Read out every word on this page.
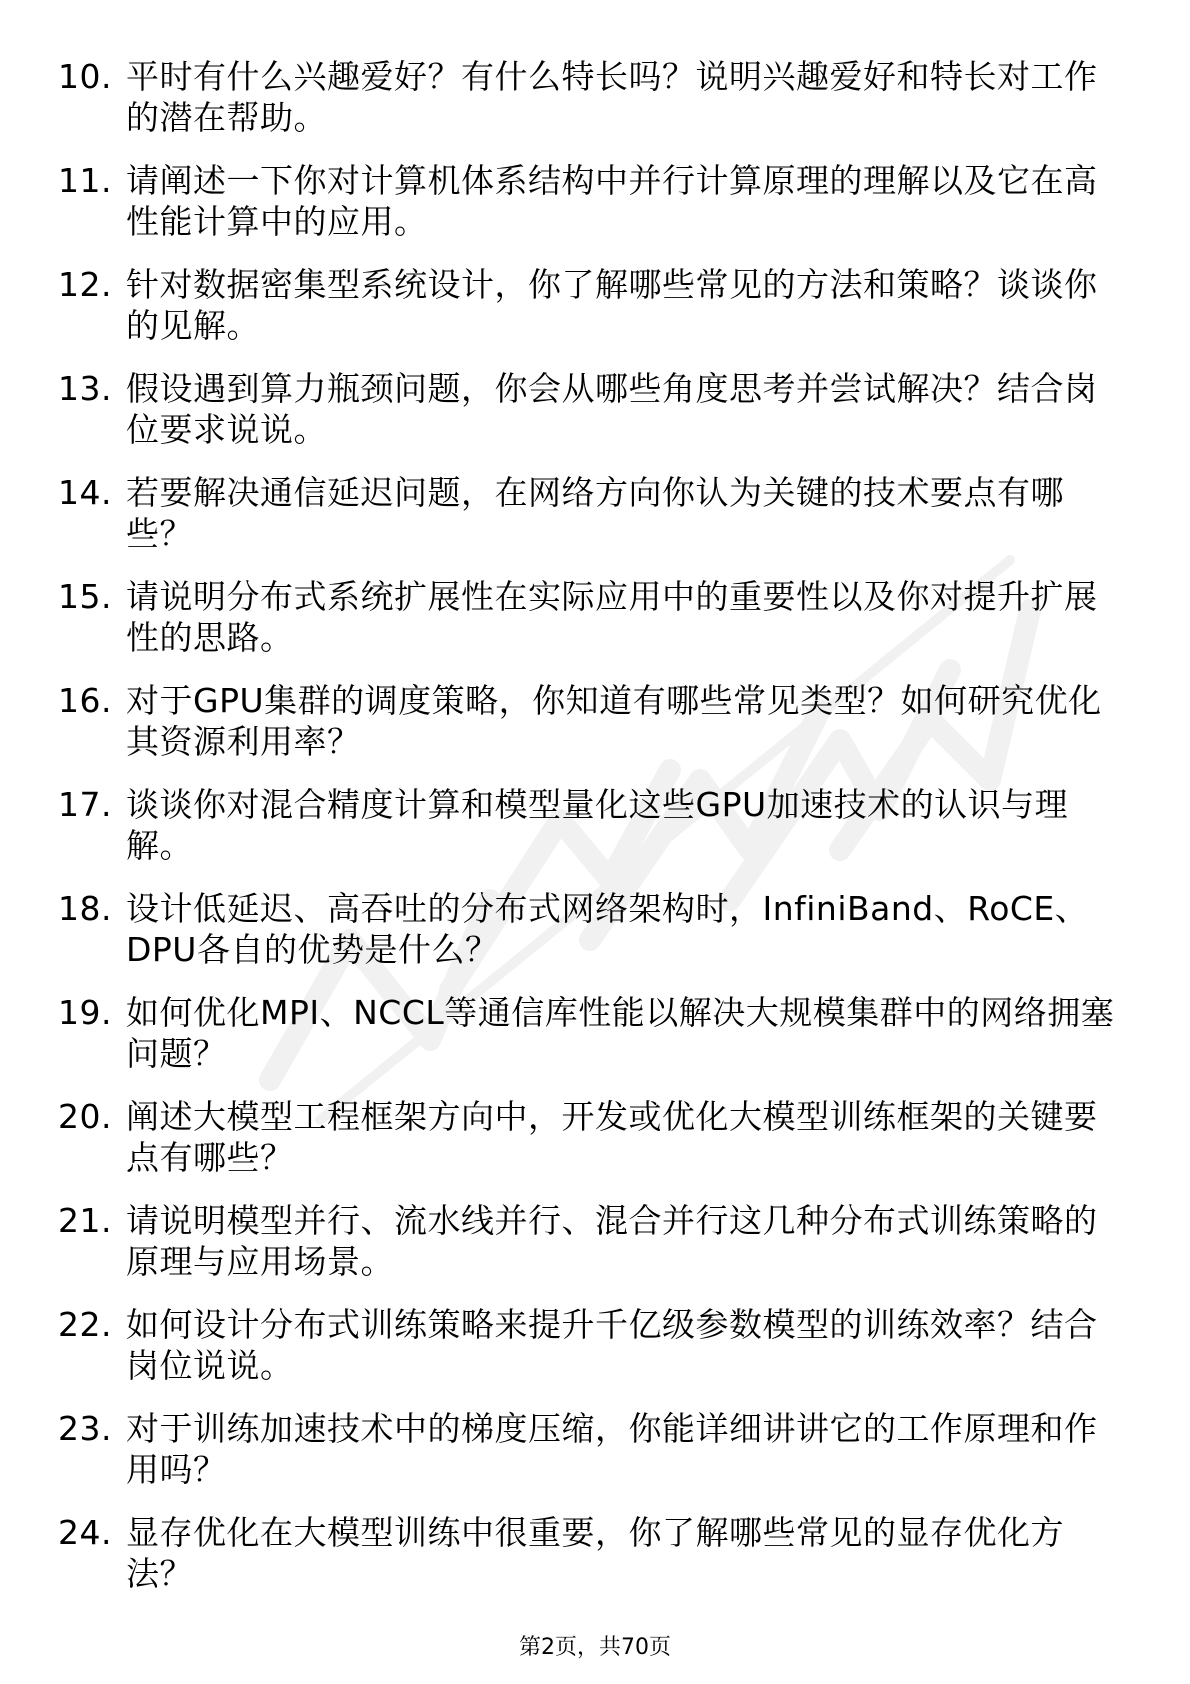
10. 平时有什么兴趣爱好？有什么特长吗？说明兴趣爱好和特长对工作的潜在帮助。
11. 请阐述一下你对计算机体系结构中并行计算原理的理解以及它在高性能计算中的应用。
12. 针对数据密集型系统设计，你了解哪些常见的方法和策略？谈谈你的见解。
13. 假设遇到算力瓶颈问题，你会从哪些角度思考并尝试解决？结合岗位要求说说。
14. 若要解决通信延迟问题，在网络方向你认为关键的技术要点有哪些？
15. 请说明分布式系统扩展性在实际应用中的重要性以及你对提升扩展性的思路。
16. 对于GPU集群的调度策略，你知道有哪些常见类型？如何研究优化其资源利用率？
17. 谈谈你对混合精度计算和模型量化这些GPU加速技术的认识与理解。
18. 设计低延迟、高吞吐的分布式网络架构时，InfiniBand、RoCE、DPU各自的优势是什么？
19. 如何优化MPI、NCCL等通信库性能以解决大规模集群中的网络拥塞问题？
20. 阐述大模型工程框架方向中，开发或优化大模型训练框架的关键要点有哪些？
21. 请说明模型并行、流水线并行、混合并行这几种分布式训练策略的原理与应用场景。
22. 如何设计分布式训练策略来提升千亿级参数模型的训练效率？结合岗位说说。
23. 对于训练加速技术中的梯度压缩，你能详细讲讲它的工作原理和作用吗？
24. 显存优化在大模型训练中很重要，你了解哪些常见的显存优化方法？
第2页，共70页
